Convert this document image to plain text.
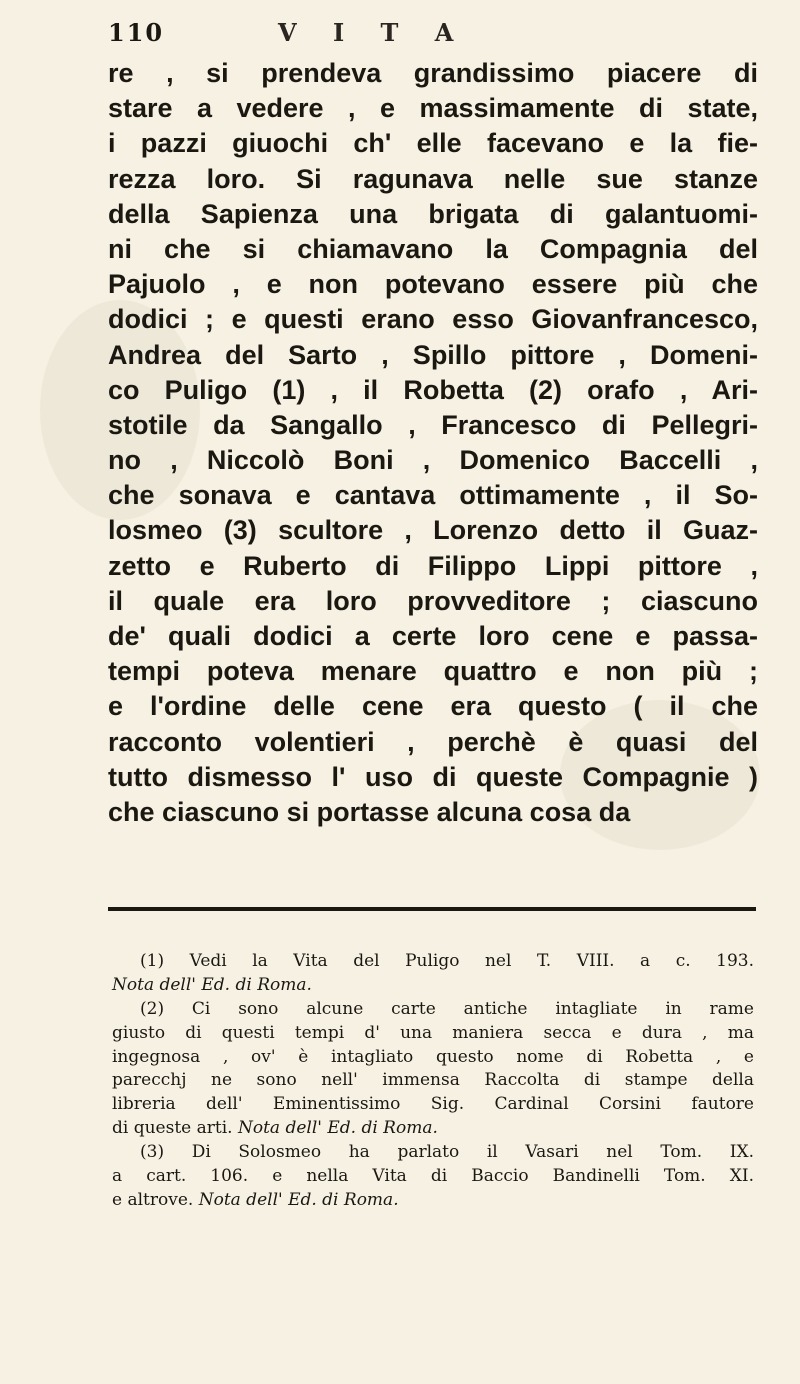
110	V I T A
re , si prendeva grandissimo piacere di
stare a vedere , e massimamente di state,
i pazzi giuochi ch' elle facevano e la fie-
rezza loro. Si ragunava nelle sue stanze
della Sapienza una brigata di galantuomi-
ni che si chiamavano la Compagnia del
Pajuolo , e non potevano essere più che
dodici ; e questi erano esso Giovanfrancesco,
Andrea del Sarto , Spillo pittore , Domeni-
co Puligo (1) , il Robetta (2) orafo , Ari-
stotile da Sangallo , Francesco di Pellegri-
no , Niccolò Boni , Domenico Baccelli ,
che sonava e cantava ottimamente , il So-
losmeo (3) scultore , Lorenzo detto il Guaz-
zetto e Ruberto di Filippo Lippi pittore ,
il quale era loro provveditore ; ciascuno
de' quali dodici a certe loro cene e passa-
tempi poteva menare quattro e non più ;
e l'ordine delle cene era questo ( il che
racconto volentieri , perchè è quasi del
tutto dismesso l' uso di queste Compagnie )
che ciascuno si portasse alcuna cosa da
(1) Vedi la Vita del Puligo nel T. VIII. a c. 193.
Nota dell' Ed. di Roma.
(2) Ci sono alcune carte antiche intagliate in rame
giusto di questi tempi d' una maniera secca e dura , ma
ingegnosa , ov' è intagliato questo nome di Robetta , e
parecchj ne sono nell' immensa Raccolta di stampe della
libreria dell' Eminentissimo Sig. Cardinal Corsini fautore
di queste arti. Nota dell' Ed. di Roma.
(3) Di Solosmeo ha parlato il Vasari nel Tom. IX.
a cart. 106. e nella Vita di Baccio Bandinelli Tom. XI.
e altrove. Nota dell' Ed. di Roma.
